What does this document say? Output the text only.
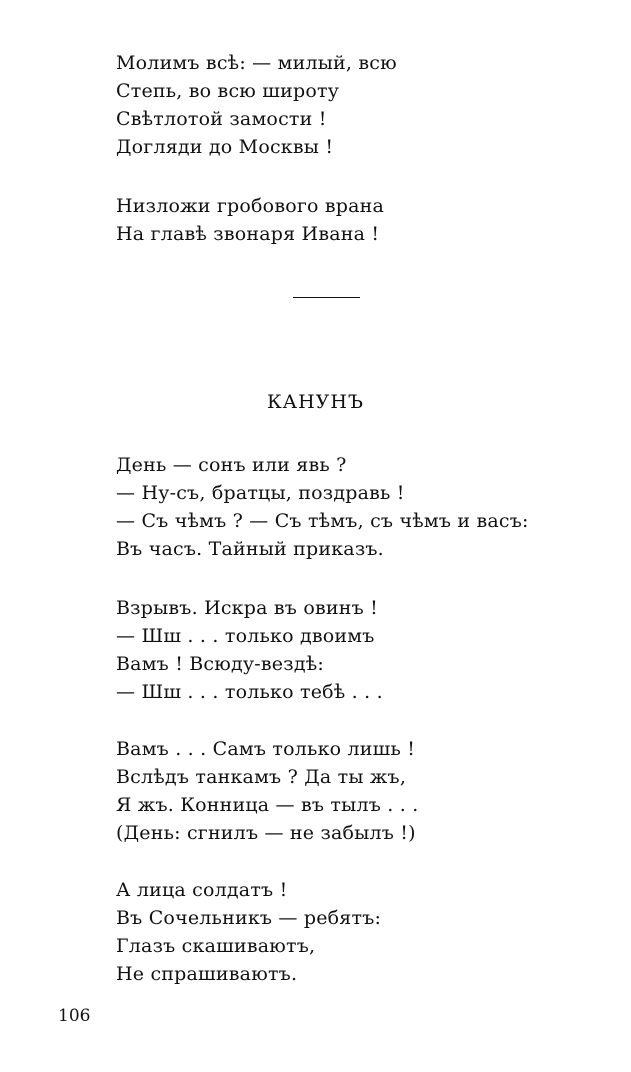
Молимъ всѣ: — милый, всю
Степь, во всю широту
Свѣтлотой замости !
Догляди до Москвы !
Низложи гробового врана
На главѣ звонаря Ивана !
КАНУНЪ
День — сонъ или явь ?
— Ну-съ, братцы, поздравь !
— Съ чѣмъ ? — Съ тѣмъ, съ чѣмъ и васъ:
Въ часъ. Тайный приказъ.
Взрывъ. Искра въ овинъ !
— Шш . . . только двоимъ
Вамъ ! Всюду-вездѣ:
— Шш . . . только тебѣ . . .
Вамъ . . . Самъ только лишь !
Вслѣдъ танкамъ ? Да ты жъ,
Я жъ. Конница — въ тылъ . . .
(День: сгнилъ — не забылъ !)
А лица солдатъ !
Въ Сочельникъ — ребятъ:
Глазъ скашиваютъ,
Не спрашиваютъ.
106
